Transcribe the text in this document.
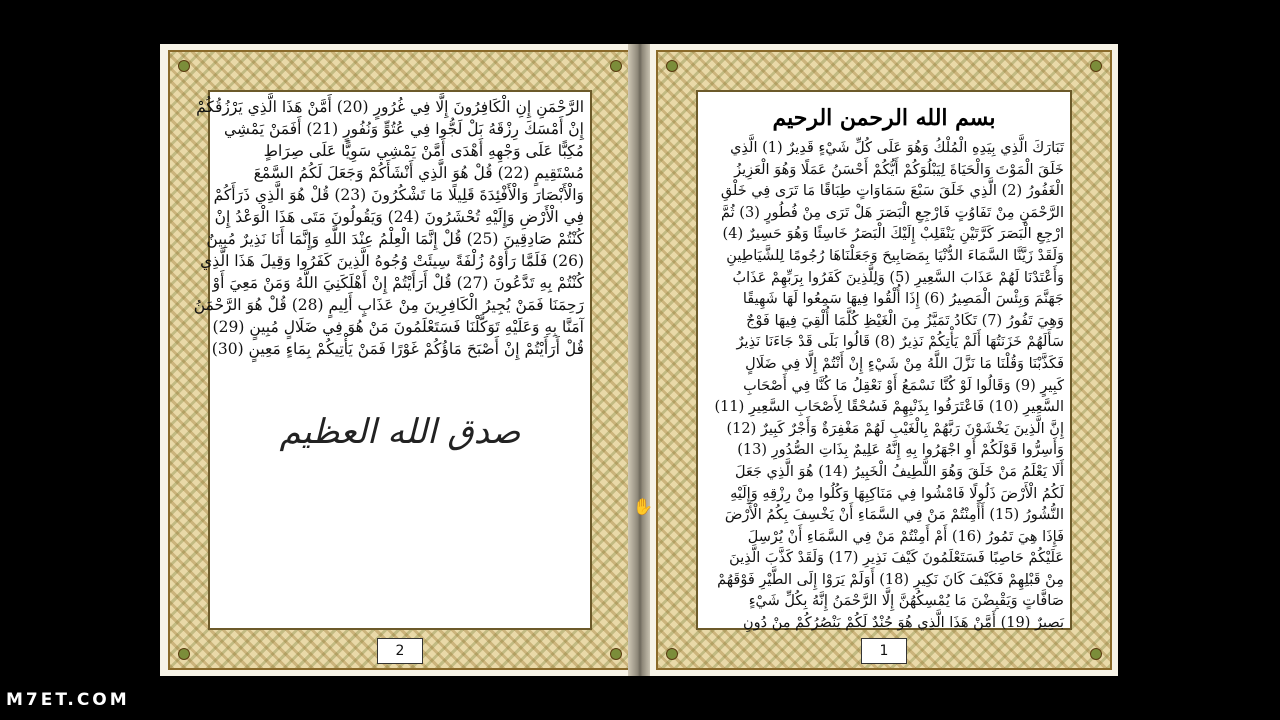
الرَّحْمَنِ إِنِ الْكَافِرُونَ إِلَّا فِي غُرُورٍ (20) أَمَّنْ هَذَا الَّذِي يَرْزُقُكُمْ
إِنْ أَمْسَكَ رِزْقَهُ بَلْ لَجُّوا فِي عُتُوٍّ وَنُفُورٍ (21) أَفَمَنْ يَمْشِي
مُكِبًّا عَلَى وَجْهِهِ أَهْدَى أَمَّنْ يَمْشِي سَوِيًّا عَلَى صِرَاطٍ
مُسْتَقِيمٍ (22) قُلْ هُوَ الَّذِي أَنْشَأَكُمْ وَجَعَلَ لَكُمُ السَّمْعَ
وَالْأَبْصَارَ وَالْأَفْئِدَةَ قَلِيلًا مَا تَشْكُرُونَ (23) قُلْ هُوَ الَّذِي ذَرَأَكُمْ
فِي الْأَرْضِ وَإِلَيْهِ تُحْشَرُونَ (24) وَيَقُولُونَ مَتَى هَذَا الْوَعْدُ إِنْ
كُنْتُمْ صَادِقِينَ (25) قُلْ إِنَّمَا الْعِلْمُ عِنْدَ اللَّهِ وَإِنَّمَا أَنَا نَذِيرٌ مُبِينٌ
(26) فَلَمَّا رَأَوْهُ زُلْفَةً سِيئَتْ وُجُوهُ الَّذِينَ كَفَرُوا وَقِيلَ هَذَا الَّذِي
كُنْتُمْ بِهِ تَدَّعُونَ (27) قُلْ أَرَأَيْتُمْ إِنْ أَهْلَكَنِيَ اللَّهُ وَمَنْ مَعِيَ أَوْ
رَحِمَنَا فَمَنْ يُجِيرُ الْكَافِرِينَ مِنْ عَذَابٍ أَلِيمٍ (28) قُلْ هُوَ الرَّحْمَنُ
آمَنَّا بِهِ وَعَلَيْهِ تَوَكَّلْنَا فَسَتَعْلَمُونَ مَنْ هُوَ فِي ضَلَالٍ مُبِينٍ (29)
قُلْ أَرَأَيْتُمْ إِنْ أَصْبَحَ مَاؤُكُمْ غَوْرًا فَمَنْ يَأْتِيكُمْ بِمَاءٍ مَعِينٍ (30)
صدق الله العظيم
2
بسم الله الرحمن الرحيم
تَبَارَكَ الَّذِي بِيَدِهِ الْمُلْكُ وَهُوَ عَلَى كُلِّ شَيْءٍ قَدِيرٌ (1) الَّذِي
خَلَقَ الْمَوْتَ وَالْحَيَاةَ لِيَبْلُوَكُمْ أَيُّكُمْ أَحْسَنُ عَمَلًا وَهُوَ الْعَزِيزُ
الْغَفُورُ (2) الَّذِي خَلَقَ سَبْعَ سَمَاوَاتٍ طِبَاقًا مَا تَرَى فِي خَلْقِ
الرَّحْمَنِ مِنْ تَفَاوُتٍ فَارْجِعِ الْبَصَرَ هَلْ تَرَى مِنْ فُطُورٍ (3) ثُمَّ
ارْجِعِ الْبَصَرَ كَرَّتَيْنِ يَنْقَلِبْ إِلَيْكَ الْبَصَرُ خَاسِئًا وَهُوَ حَسِيرٌ (4)
وَلَقَدْ زَيَّنَّا السَّمَاءَ الدُّنْيَا بِمَصَابِيحَ وَجَعَلْنَاهَا رُجُومًا لِلشَّيَاطِينِ
وَأَعْتَدْنَا لَهُمْ عَذَابَ السَّعِيرِ (5) وَلِلَّذِينَ كَفَرُوا بِرَبِّهِمْ عَذَابُ
جَهَنَّمَ وَبِئْسَ الْمَصِيرُ (6) إِذَا أُلْقُوا فِيهَا سَمِعُوا لَهَا شَهِيقًا
وَهِيَ تَفُورُ (7) تَكَادُ تَمَيَّزُ مِنَ الْغَيْظِ كُلَّمَا أُلْقِيَ فِيهَا فَوْجٌ
سَأَلَهُمْ خَزَنَتُهَا أَلَمْ يَأْتِكُمْ نَذِيرٌ (8) قَالُوا بَلَى قَدْ جَاءَنَا نَذِيرٌ
فَكَذَّبْنَا وَقُلْنَا مَا نَزَّلَ اللَّهُ مِنْ شَيْءٍ إِنْ أَنْتُمْ إِلَّا فِي ضَلَالٍ
كَبِيرٍ (9) وَقَالُوا لَوْ كُنَّا نَسْمَعُ أَوْ نَعْقِلُ مَا كُنَّا فِي أَصْحَابِ
السَّعِيرِ (10) فَاعْتَرَفُوا بِذَنْبِهِمْ فَسُحْقًا لِأَصْحَابِ السَّعِيرِ (11)
إِنَّ الَّذِينَ يَخْشَوْنَ رَبَّهُمْ بِالْغَيْبِ لَهُمْ مَغْفِرَةٌ وَأَجْرٌ كَبِيرٌ (12)
وَأَسِرُّوا قَوْلَكُمْ أَوِ اجْهَرُوا بِهِ إِنَّهُ عَلِيمٌ بِذَاتِ الصُّدُورِ (13)
أَلَا يَعْلَمُ مَنْ خَلَقَ وَهُوَ اللَّطِيفُ الْخَبِيرُ (14) هُوَ الَّذِي جَعَلَ
لَكُمُ الْأَرْضَ ذَلُولًا فَامْشُوا فِي مَنَاكِبِهَا وَكُلُوا مِنْ رِزْقِهِ وَإِلَيْهِ
النُّشُورُ (15) أَأَمِنْتُمْ مَنْ فِي السَّمَاءِ أَنْ يَخْسِفَ بِكُمُ الْأَرْضَ
فَإِذَا هِيَ تَمُورُ (16) أَمْ أَمِنْتُمْ مَنْ فِي السَّمَاءِ أَنْ يُرْسِلَ
عَلَيْكُمْ حَاصِبًا فَسَتَعْلَمُونَ كَيْفَ نَذِيرِ (17) وَلَقَدْ كَذَّبَ الَّذِينَ
مِنْ قَبْلِهِمْ فَكَيْفَ كَانَ نَكِيرِ (18) أَوَلَمْ يَرَوْا إِلَى الطَّيْرِ فَوْقَهُمْ
صَافَّاتٍ وَيَقْبِضْنَ مَا يُمْسِكُهُنَّ إِلَّا الرَّحْمَنُ إِنَّهُ بِكُلِّ شَيْءٍ
بَصِيرٌ (19) أَمَّنْ هَذَا الَّذِي هُوَ جُنْدٌ لَكُمْ يَنْصُرُكُمْ مِنْ دُونِ
1
✋
M7ET.COM
